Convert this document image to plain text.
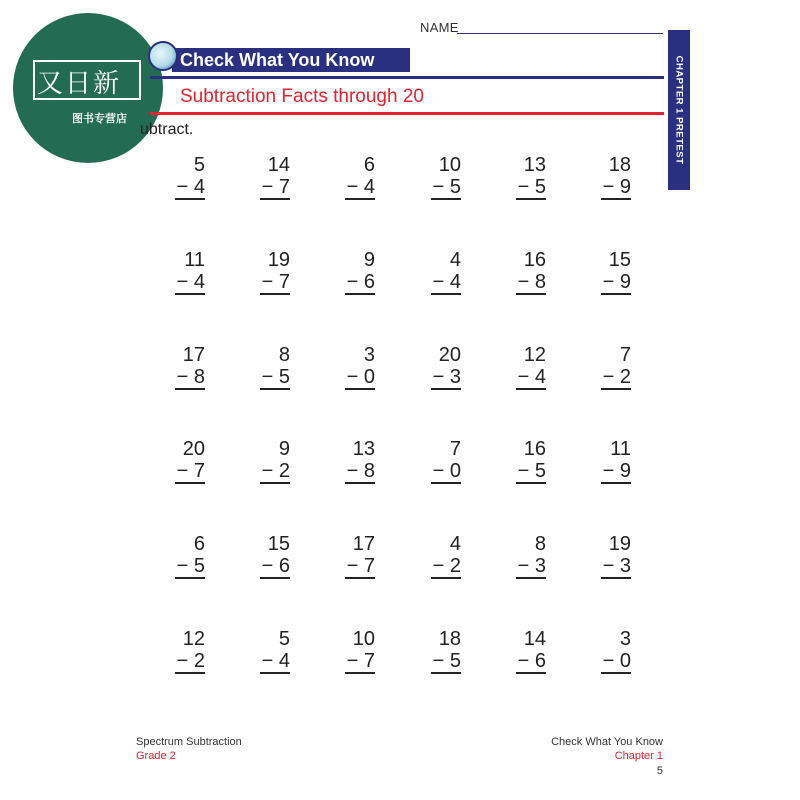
又日新
图书专营店
NAME
Check What You Know
Subtraction Facts through 20	CHAPTER 1 PRETEST
ubtract.
5
− 4
14
− 7
6
− 4
10
− 5
13
− 5
18
− 9
11
− 4
19
− 7
9
− 6
4
− 4
16
− 8
15
− 9
17
− 8
8
− 5
3
− 0
20
− 3
12
− 4
7
− 2
20
− 7
9
− 2
13
− 8
7
− 0
16
− 5
11
− 9
6
− 5
15
− 6
17
− 7
4
− 2
8
− 3
19
− 3
12
− 2
5
− 4
10
− 7
18
− 5
14
− 6
3
− 0
Spectrum Subtraction
Grade 2
Check What You Know
Chapter 1
5
